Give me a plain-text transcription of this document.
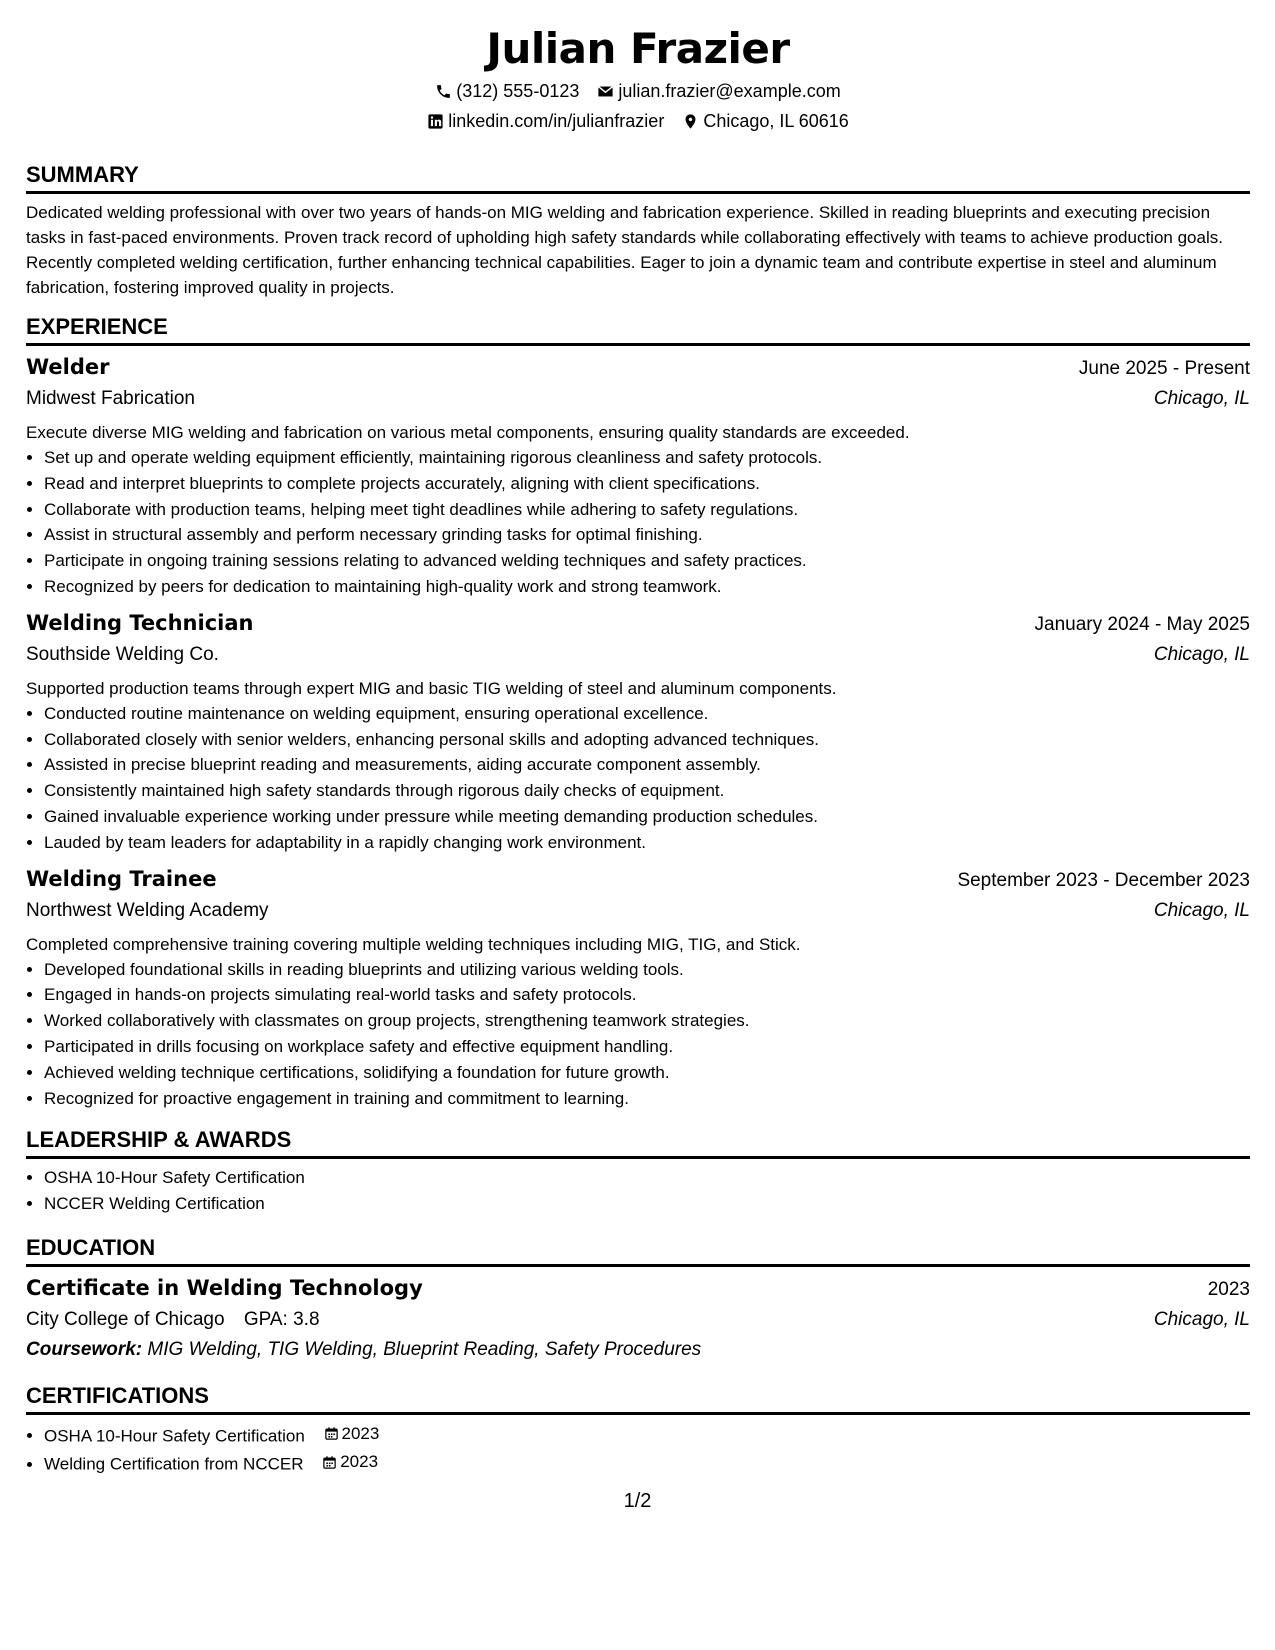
Julian Frazier
(312) 555-0123 julian.frazier@example.com
linkedin.com/in/julianfrazier Chicago, IL 60616
SUMMARY
Dedicated welding professional with over two years of hands-on MIG welding and fabrication experience. Skilled in reading blueprints and executing precision tasks in fast-paced environments. Proven track record of upholding high safety standards while collaborating effectively with teams to achieve production goals. Recently completed welding certification, further enhancing technical capabilities. Eager to join a dynamic team and contribute expertise in steel and aluminum fabrication, fostering improved quality in projects.
EXPERIENCE
Welder	June 2025 - Present
Midwest Fabrication	Chicago, IL
Execute diverse MIG welding and fabrication on various metal components, ensuring quality standards are exceeded.
• Set up and operate welding equipment efficiently, maintaining rigorous cleanliness and safety protocols.
• Read and interpret blueprints to complete projects accurately, aligning with client specifications.
• Collaborate with production teams, helping meet tight deadlines while adhering to safety regulations.
• Assist in structural assembly and perform necessary grinding tasks for optimal finishing.
• Participate in ongoing training sessions relating to advanced welding techniques and safety practices.
• Recognized by peers for dedication to maintaining high-quality work and strong teamwork.
Welding Technician	January 2024 - May 2025
Southside Welding Co.	Chicago, IL
Supported production teams through expert MIG and basic TIG welding of steel and aluminum components.
• Conducted routine maintenance on welding equipment, ensuring operational excellence.
• Collaborated closely with senior welders, enhancing personal skills and adopting advanced techniques.
• Assisted in precise blueprint reading and measurements, aiding accurate component assembly.
• Consistently maintained high safety standards through rigorous daily checks of equipment.
• Gained invaluable experience working under pressure while meeting demanding production schedules.
• Lauded by team leaders for adaptability in a rapidly changing work environment.
Welding Trainee	September 2023 - December 2023
Northwest Welding Academy	Chicago, IL
Completed comprehensive training covering multiple welding techniques including MIG, TIG, and Stick.
• Developed foundational skills in reading blueprints and utilizing various welding tools.
• Engaged in hands-on projects simulating real-world tasks and safety protocols.
• Worked collaboratively with classmates on group projects, strengthening teamwork strategies.
• Participated in drills focusing on workplace safety and effective equipment handling.
• Achieved welding technique certifications, solidifying a foundation for future growth.
• Recognized for proactive engagement in training and commitment to learning.
LEADERSHIP & AWARDS
• OSHA 10-Hour Safety Certification
• NCCER Welding Certification
EDUCATION
Certificate in Welding Technology	2023
City College of Chicago GPA: 3.8	Chicago, IL
Coursework: MIG Welding, TIG Welding, Blueprint Reading, Safety Procedures
CERTIFICATIONS
• OSHA 10-Hour Safety Certification 2023
• Welding Certification from NCCER 2023
1/2
